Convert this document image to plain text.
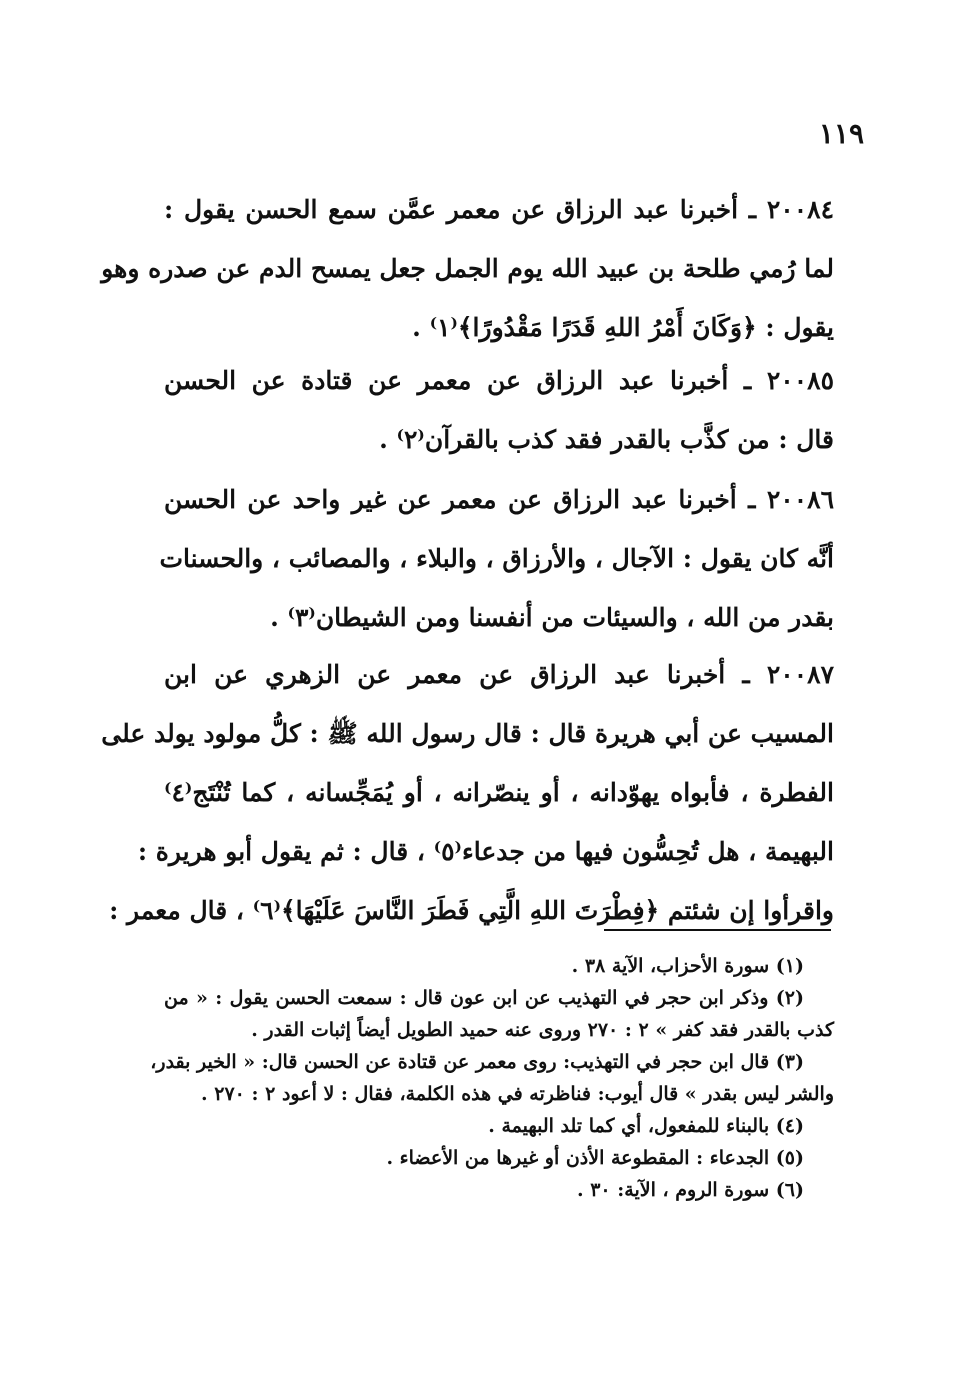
١١٩
٢٠٠٨٤ ـ أخبرنا عبد الرزاق عن معمر عمَّن سمع الحسن يقول :
لما رُمي طلحة بن عبيد الله يوم الجمل جعل يمسح الدم عن صدره وهو
يقول : ﴿وَكَانَ أَمْرُ اللهِ قَدَرًا مَقْدُورًا﴾⁽١⁾ .
٢٠٠٨٥ ـ أخبرنا عبد الرزاق عن معمر عن قتادة عن الحسن
قال : من كذَّب بالقدر فقد كذب بالقرآن⁽٢⁾ .
٢٠٠٨٦ ـ أخبرنا عبد الرزاق عن معمر عن غير واحد عن الحسن
أنَّه كان يقول : الآجال ، والأرزاق ، والبلاء ، والمصائب ، والحسنات
بقدر من الله ، والسيئات من أنفسنا ومن الشيطان⁽٣⁾ .
٢٠٠٨٧ ـ أخبرنا عبد الرزاق عن معمر عن الزهري عن ابن
المسيب عن أبي هريرة قال : قال رسول الله ﷺ : كلُّ مولود يولد على
الفطرة ، فأبواه يهوّدانه ، أو ينصّرانه ، أو يُمَجِّسانه ، كما تُنْتَج⁽٤⁾
البهيمة ، هل تُحِسُّون فيها من جدعاء⁽٥⁾ ، قال : ثم يقول أبو هريرة :
واقرأوا إن شئتم ﴿فِطْرَتَ اللهِ الَّتِي فَطَرَ النَّاسَ عَلَيْهَا﴾⁽٦⁾ ، قال معمر :
(١) سورة الأحزاب، الآية ٣٨ .
(٢) وذكر ابن حجر في التهذيب عن ابن عون قال : سمعت الحسن يقول : « من
كذب بالقدر فقد كفر » ٢ : ٢٧٠ وروى عنه حميد الطويل أيضاً إثبات القدر .
(٣) قال ابن حجر في التهذيب: روى معمر عن قتادة عن الحسن قال: « الخير بقدر،
والشر ليس بقدر » قال أيوب: فناظرته في هذه الكلمة، فقال : لا أعود ٢ : ٢٧٠ .
(٤) بالبناء للمفعول، أي كما تلد البهيمة .
(٥) الجدعاء : المقطوعة الأذن أو غيرها من الأعضاء .
(٦) سورة الروم ، الآية: ٣٠ .
